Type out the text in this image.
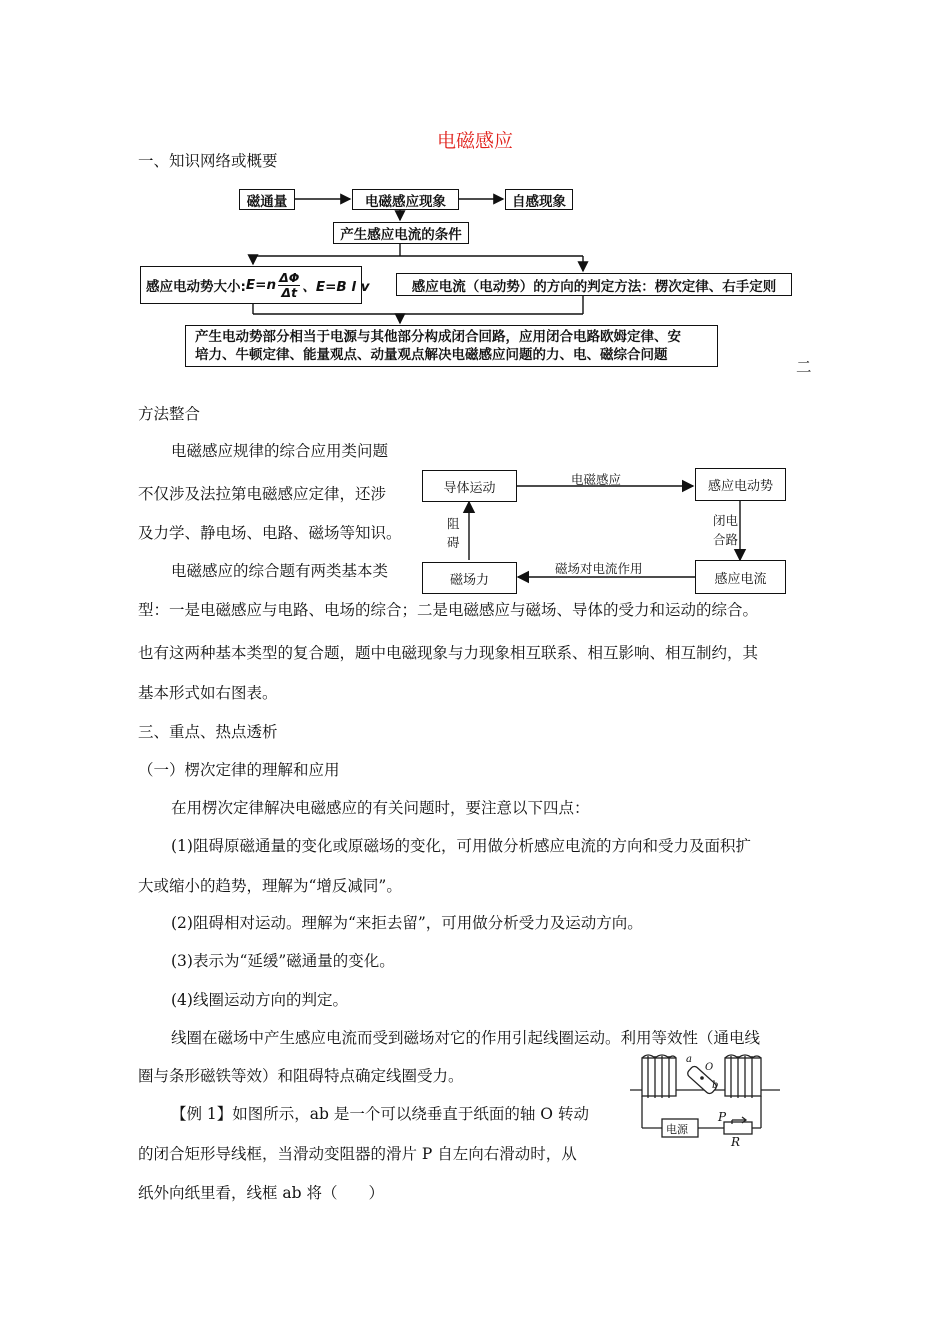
电磁感应
一、知识网络或概要
磁通量	电磁感应现象	自感现象
产生感应电流的条件
感应电动势大小: $E=n \frac{\Delta\Phi}{\Delta t}$ 、E=B l v	感应电流（电动势）的方向的判定方法：楞次定律、右手定则
产生电动势部分相当于电源与其他部分构成闭合回路，应用闭合电路欧姆定律、安
培力、牛顿定律、能量观点、动量观点解决电磁感应问题的力、电、磁综合问题
二
方法整合
电磁感应规律的综合应用类问题
不仅涉及法拉第电磁感应定律，还涉
及力学、静电场、电路、磁场等知识。
电磁感应的综合题有两类基本类
型：一是电磁感应与电路、电场的综合；二是电磁感应与磁场、导体的受力和运动的综合。
也有这两种基本类型的复合题，题中电磁现象与力现象相互联系、相互影响、相互制约，其
基本形式如右图表。
导体运动	感应电动势
感应电流
磁场力
电磁感应
闭电
合路
磁场对电流作用
阻
碍
三、重点、热点透析
（一）楞次定律的理解和应用
在用楞次定律解决电磁感应的有关问题时，要注意以下四点：
(1)阻碍原磁通量的变化或原磁场的变化，可用做分析感应电流的方向和受力及面积扩
大或缩小的趋势，理解为“增反减同”。
(2)阻碍相对运动。理解为“来拒去留”，可用做分析受力及运动方向。
(3)表示为“延缓”磁通量的变化。
(4)线圈运动方向的判定。
线圈在磁场中产生感应电流而受到磁场对它的作用引起线圈运动。利用等效性（通电线
圈与条形磁铁等效）和阻碍特点确定线圈受力。
【例 1】如图所示，ab 是一个可以绕垂直于纸面的轴 O 转动
的闭合矩形导线框，当滑动变阻器的滑片 P 自左向右滑动时，从
纸外向纸里看，线框 ab 将（　　）
电源
P
R
a
O
b
